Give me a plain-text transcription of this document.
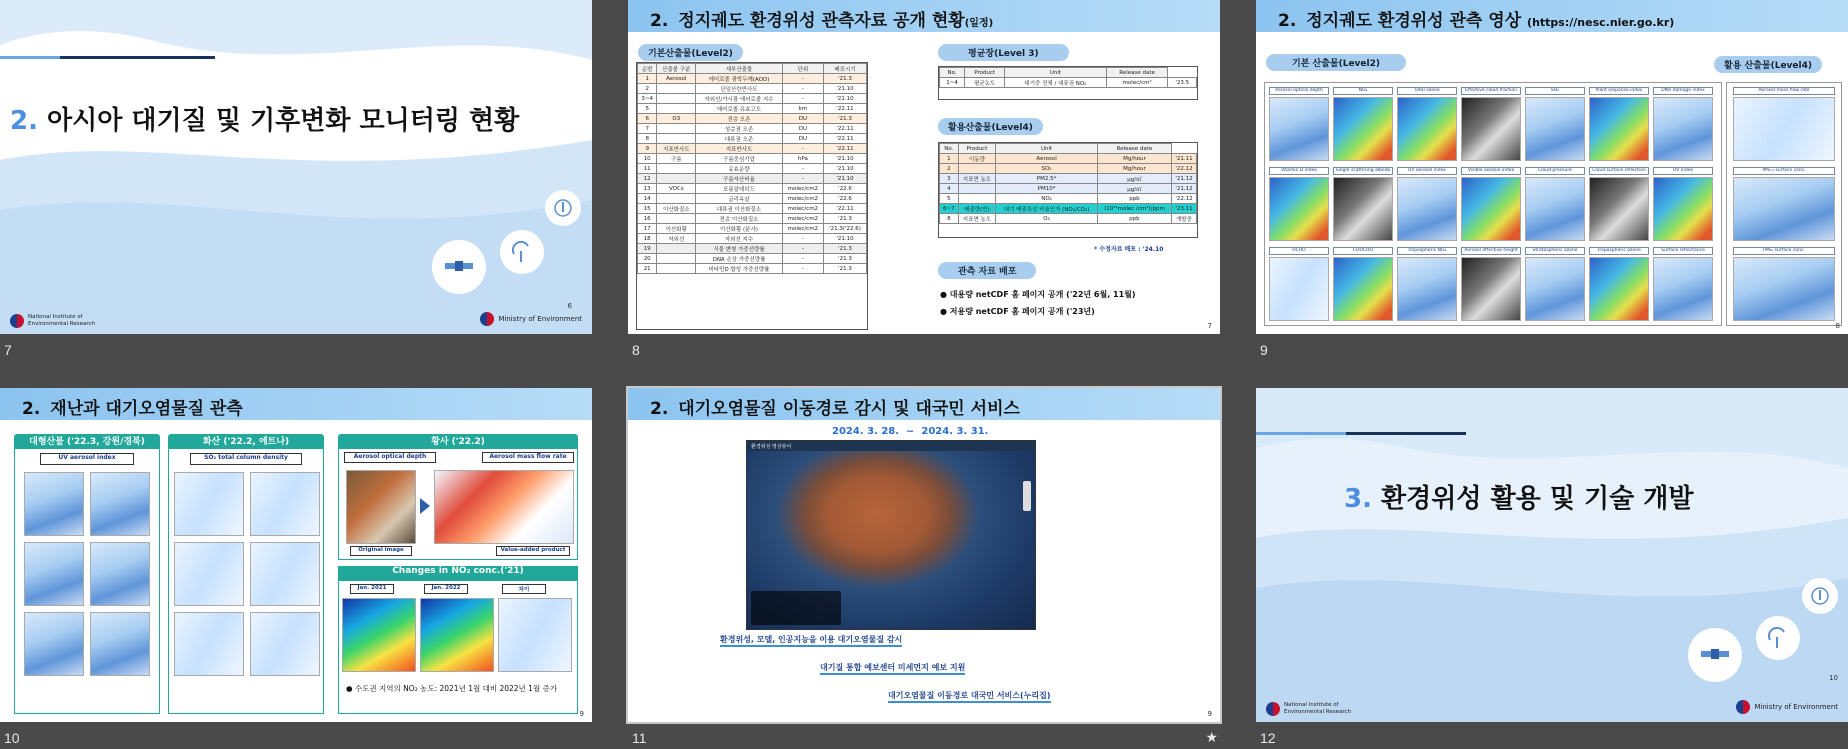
2. 아시아 대기질 및 기후변화 모니터링 현황
6
National Institute of
Environmental Research
Ministry of Environment
7
2. 정지궤도 환경위성 관측자료 공개 현황(일정)
기본산출물(Level2)
순번	산출물 구분	세부산출물	단위	배포시기
1	Aerosol	에어로졸 광학두께(AOD)	-	'21.3
2		단일산란반사도	-	'21.10
3~4		자외선/가시광 에어로졸 지수	-	'21.10
5		에어로졸 유효고도	km	'22.11
6	O3	전층 오존	DU	'21.3
7		성층권 오존	DU	'22.11
8		대류권 오존	DU	'22.11
9	지표반사도	지표반사도	-	'22.11
10	구름	구름중심기압	hPa	'21.10
11		유효운량	-	'21.10
12		구름자산비율	-	'21.10
13	VOCs	포름알데히드	molec/cm2	'22.6
14		글리옥살	molec/cm2	'22.6
15	이산화질소	대류권 이산화질소	molec/cm2	'22.11
16		전층 이산화질소	molec/cm2	'21.3
17	이산화황	이산화황 (분사)	molec/cm2	'21.3('22.6)
18	자외선	자외선 지수	-	'21.10
19		식물 변형 가중선량률	-	'21.3
20		DNA 손상 가중선량률	-	'21.3
21		비타민D 합성 가중선량률	-	'21.3
평균장(Level 3)
No.	Product	Unit	Release date	
1~4	평균농도	대기중 전체 / 대류권 NO₂	molec/cm²	'23.5
활용산출물(Level4)
No.	Product	Unit	Release date	
1	이동량	Aerosol	Mg/hour	'21.11
2		SO₂	Mg/hour	'22.12
3	지표면 농도	PM2.5*	μg/㎥	'21.12
4		PM10*	μg/㎥	'21.12
5		NO₂	ppb	'22.12
6~7	배출량(반)	대기 배출특성 비율인자 (NO₂/CO₂)	(10¹⁵molec /cm²)/ppm	'23.11
8	지표면 농도	O₃	ppb	개발중
* 수정자료 배포 : '24.10
관측 자료 배포
● 대용량 netCDF 홈 페이지 공개 ('22년 6월, 11월)
● 저용량 netCDF 홈 페이지 공개 ('23년)
7
8
2. 정지궤도 환경위성 관측 영상 (https://nesc.nier.go.kr)
기본 산출물(Level2)	활용 산출물(Level4)
Aerosol optical depth	NO₂	Total ozone	Effective cloud fraction	SO₂	Plant response index	DNA damage index
Vitamin D index	Single scattering albedo	UV aerosol index	Visible aerosol index	Cloud pressure	Cloud surface reflection	UV index
HCHO	CHOCHO	Tropospheric NO₂	Aerosol effective height	Stratospheric ozone	Tropospheric ozone	Surface reflectance
Aerosol mass flow rate
PM₂.₅ surface conc.
PM₁₀ surface conc.
8
9
2. 재난과 대기오염물질 관측
대형산불 ('22.3, 강원/경북)
UV aerosol index
화산 ('22.2, 에트나)
SO₂ total column density
황사 ('22.2)
Aerosol optical depth	Aerosol mass flow rate
Original image	Value-added product
Changes in NO₂ conc.('21)
Jan. 2021	Jan. 2022	차이
● 수도권 지역의 NO₂ 농도: 2021년 1월 대비 2022년 1월 증가
9
10
2. 대기오염물질 이동경로 감시 및 대국민 서비스
2024. 3. 28.  ~  2024. 3. 31.
환경위성 영상뷰어
환경위성, 모델, 인공지능을 이용 대기오염물질 감시
대기질 통합 예보센터 미세먼지 예보 지원
대기오염물질 이동경로 대국민 서비스(누리집)
9
11	★
3. 환경위성 활용 및 기술 개발
10
National Institute of
Environmental Research
Ministry of Environment
12
